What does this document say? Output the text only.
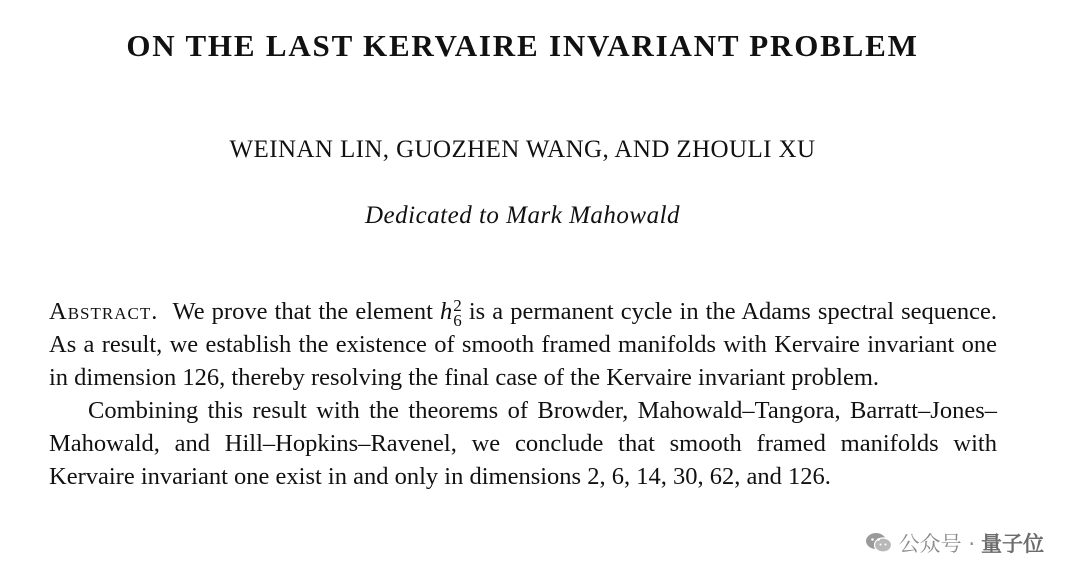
ON THE LAST KERVAIRE INVARIANT PROBLEM
WEINAN LIN, GUOZHEN WANG, AND ZHOULI XU
Dedicated to Mark Mahowald

Abstract. We prove that the element h 2
6 is a permanent cycle in the Adams spectral sequence. As a result, we establish the existence of smooth framed manifolds with Kervaire invariant one in dimension 126, thereby resolving the final case of the Kervaire invariant problem.

Combining this result with the theorems of Browder, Mahowald–Tangora, Barratt–Jones–Mahowald, and Hill–Hopkins–Ravenel, we conclude that smooth framed manifolds with Kervaire invariant one exist in and only in dimensions 2, 6, 14, 30, 62, and 126.

公众号 · 量子位
